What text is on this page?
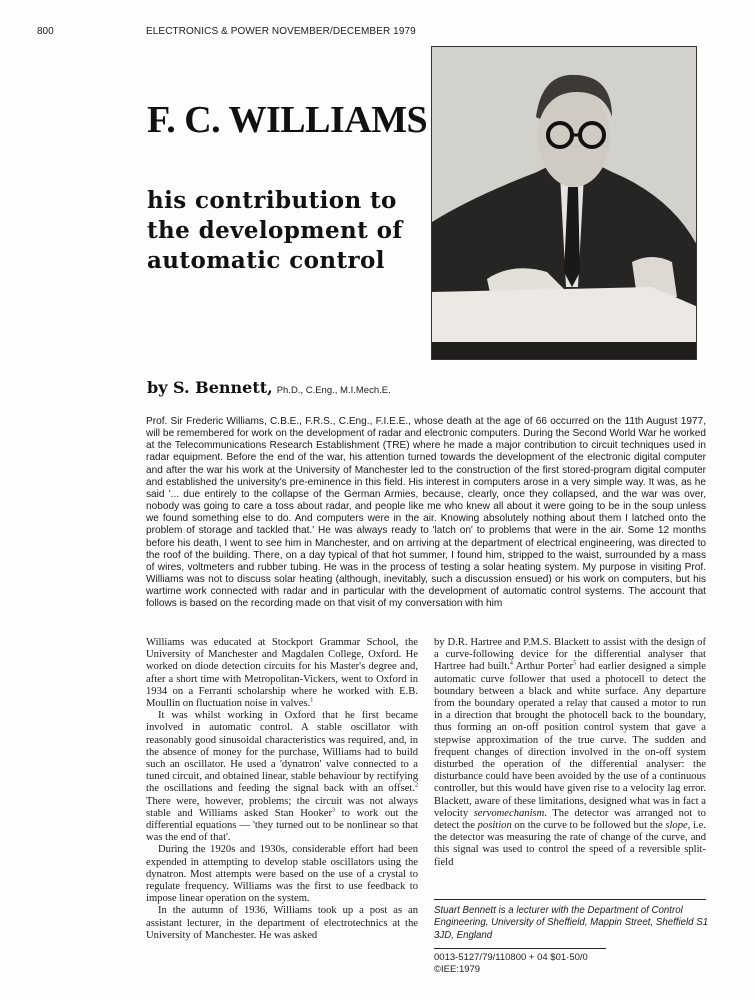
800	ELECTRONICS & POWER NOVEMBER/DECEMBER 1979
F. C. WILLIAMS
his contribution to
the development of
automatic control
by S. Bennett, Ph.D., C.Eng., M.I.Mech.E.
Prof. Sir Frederic Williams, C.B.E., F.R.S., C.Eng., F.I.E.E., whose death at the age of 66 occurred on the 11th August 1977, will be remembered for work on the development of radar and electronic computers. During the Second World War he worked at the Telecommunications Research Establishment (TRE) where he made a major contribution to circuit techniques used in radar equipment. Before the end of the war, his attention turned towards the development of the electronic digital computer and after the war his work at the University of Manchester led to the construction of the first stored-program digital computer and established the university's pre-eminence in this field. His interest in computers arose in a very simple way. It was, as he said '... due entirely to the collapse of the German Armies, because, clearly, once they collapsed, and the war was over, nobody was going to care a toss about radar, and people like me who knew all about it were going to be in the soup unless we found something else to do. And computers were in the air. Knowing absolutely nothing about them I latched onto the problem of storage and tackled that.' He was always ready to 'latch on' to problems that were in the air. Some 12 months before his death, I went to see him in Manchester, and on arriving at the department of electrical engineering, was directed to the roof of the building. There, on a day typical of that hot summer, I found him, stripped to the waist, surrounded by a mass of wires, voltmeters and rubber tubing. He was in the process of testing a solar heating system. My purpose in visiting Prof. Williams was not to discuss solar heating (although, inevitably, such a discussion ensued) or his work on computers, but his wartime work connected with radar and in particular with the development of automatic control systems. The account that follows is based on the recording made on that visit of my conversation with him

Williams was educated at Stockport Grammar School, the University of Manchester and Magdalen College, Oxford. He worked on diode detection circuits for his Master's degree and, after a short time with Metropolitan-Vickers, went to Oxford in 1934 on a Ferranti scholarship where he worked with E.B. Moullin on fluctuation noise in valves.$^1$

It was whilst working in Oxford that he first became involved in automatic control. A stable oscillator with reasonably good sinusoidal characteristics was required, and, in the absence of money for the purchase, Williams had to build such an oscillator. He used a 'dynatron' valve connected to a tuned circuit, and obtained linear, stable behaviour by rectifying the oscillations and feeding the signal back with an offset.$^2$ There were, however, problems; the circuit was not always stable and Williams asked Stan Hooker$^3$ to work out the differential equations — 'they turned out to be nonlinear so that was the end of that'.

During the 1920s and 1930s, considerable effort had been expended in attempting to develop stable oscillators using the dynatron. Most attempts were based on the use of a crystal to regulate frequency. Williams was the first to use feedback to impose linear operation on the system.

In the autumn of 1936, Williams took up a post as an assistant lecturer, in the department of electrotechnics at the University of Manchester. He was asked

by D.R. Hartree and P.M.S. Blackett to assist with the design of a curve-following device for the differential analyser that Hartree had built.$^4$ Arthur Porter$^5$ had earlier designed a simple automatic curve follower that used a photocell to detect the boundary between a black and white surface. Any departure from the boundary operated a relay that caused a motor to run in a direction that brought the photocell back to the boundary, thus forming an on-off position control system that gave a stepwise approximation of the true curve. The sudden and frequent changes of direction involved in the on-off system disturbed the operation of the differential analyser: the disturbance could have been avoided by the use of a continuous controller, but this would have given rise to a velocity lag error. Blackett, aware of these limitations, designed what was in fact a velocity servomechanism. The detector was arranged not to detect the position on the curve to be followed but the slope, i.e. the detector was measuring the rate of change of the curve, and this signal was used to control the speed of a reversible split-field

Stuart Bennett is a lecturer with the Department of Control Engineering, University of Sheffield, Mappin Street, Sheffield S1 3JD, England
0013-5127/79/110800 + 04 $01·50/0
©IEE:1979
